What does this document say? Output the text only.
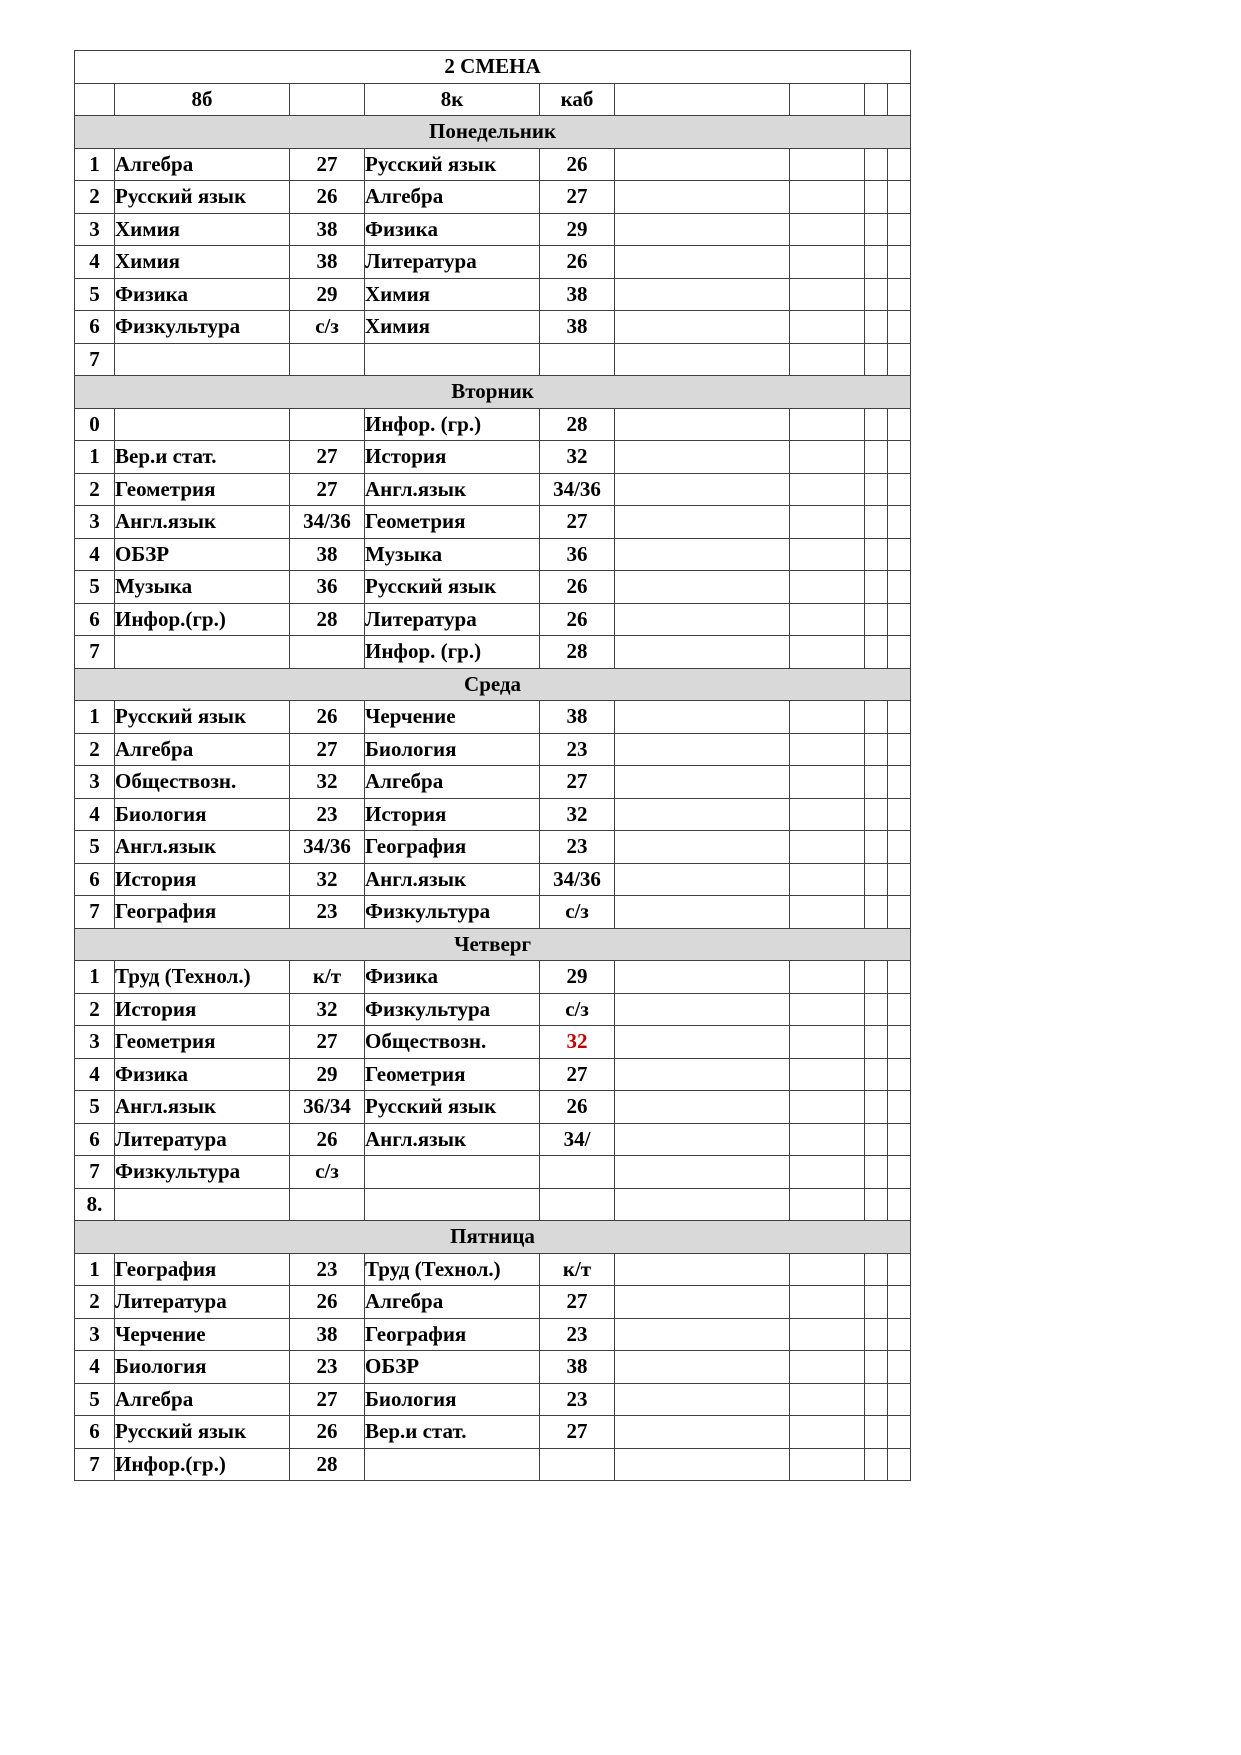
2 СМЕНА								
	8б		8к	каб				
Понедельник								
1	Алгебра	27	Русский язык	26				
2	Русский язык	26	Алгебра	27				
3	Химия	38	Физика	29				
4	Химия	38	Литература	26				
5	Физика	29	Химия	38				
6	Физкультура	с/з	Химия	38				
7								
Вторник								
0			Инфор. (гр.)	28				
1	Вер.и стат.	27	История	32				
2	Геометрия	27	Англ.язык	34/36				
3	Англ.язык	34/36	Геометрия	27				
4	ОБЗР	38	Музыка	36				
5	Музыка	36	Русский язык	26				
6	Инфор.(гр.)	28	Литература	26				
7			Инфор. (гр.)	28				
Среда								
1	Русский язык	26	Черчение	38				
2	Алгебра	27	Биология	23				
3	Обществозн.	32	Алгебра	27				
4	Биология	23	История	32				
5	Англ.язык	34/36	География	23				
6	История	32	Англ.язык	34/36				
7	География	23	Физкультура	с/з				
Четверг								
1	Труд (Технол.)	к/т	Физика	29				
2	История	32	Физкультура	с/з				
3	Геометрия	27	Обществозн.	32				
4	Физика	29	Геометрия	27				
5	Англ.язык	36/34	Русский язык	26				
6	Литература	26	Англ.язык	34/				
7	Физкультура	с/з						
8.								
Пятница								
1	География	23	Труд (Технол.)	к/т				
2	Литература	26	Алгебра	27				
3	Черчение	38	География	23				
4	Биология	23	ОБЗР	38				
5	Алгебра	27	Биология	23				
6	Русский язык	26	Вер.и стат.	27				
7	Инфор.(гр.)	28						
